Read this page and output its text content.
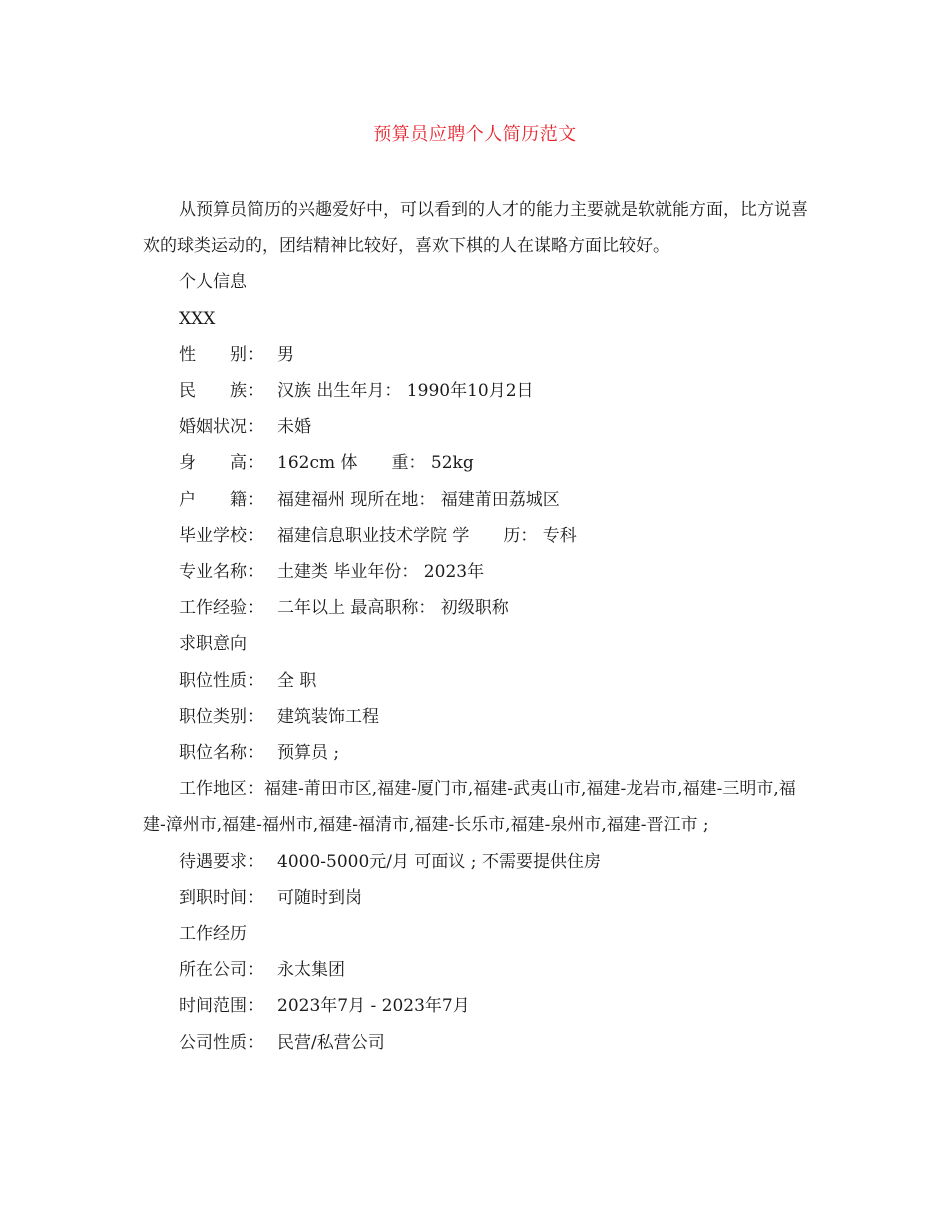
预算员应聘个人简历范文

从预算员简历的兴趣爱好中，可以看到的人才的能力主要就是软就能方面，比方说喜欢的球类运动的，团结精神比较好，喜欢下棋的人在谋略方面比较好。

个人信息

XXX

性　　别： 男

民　　族： 汉族 出生年月： 1990年10月2日

婚姻状况： 未婚

身　　高： 162cm 体　　重： 52kg

户　　籍： 福建福州 现所在地： 福建莆田荔城区

毕业学校： 福建信息职业技术学院 学　　历： 专科

专业名称： 土建类 毕业年份： 2023年

工作经验： 二年以上 最高职称： 初级职称

求职意向

职位性质： 全 职

职位类别： 建筑装饰工程

职位名称： 预算员 ;

工作地区：福建-莆田市区,福建-厦门市,福建-武夷山市,福建-龙岩市,福建-三明市,福建-漳州市,福建-福州市,福建-福清市,福建-长乐市,福建-泉州市,福建-晋江市 ;

待遇要求： 4000-5000元/月 可面议 ; 不需要提供住房

到职时间： 可随时到岗

工作经历

所在公司： 永太集团

时间范围： 2023年7月 - 2023年7月

公司性质： 民营/私营公司
